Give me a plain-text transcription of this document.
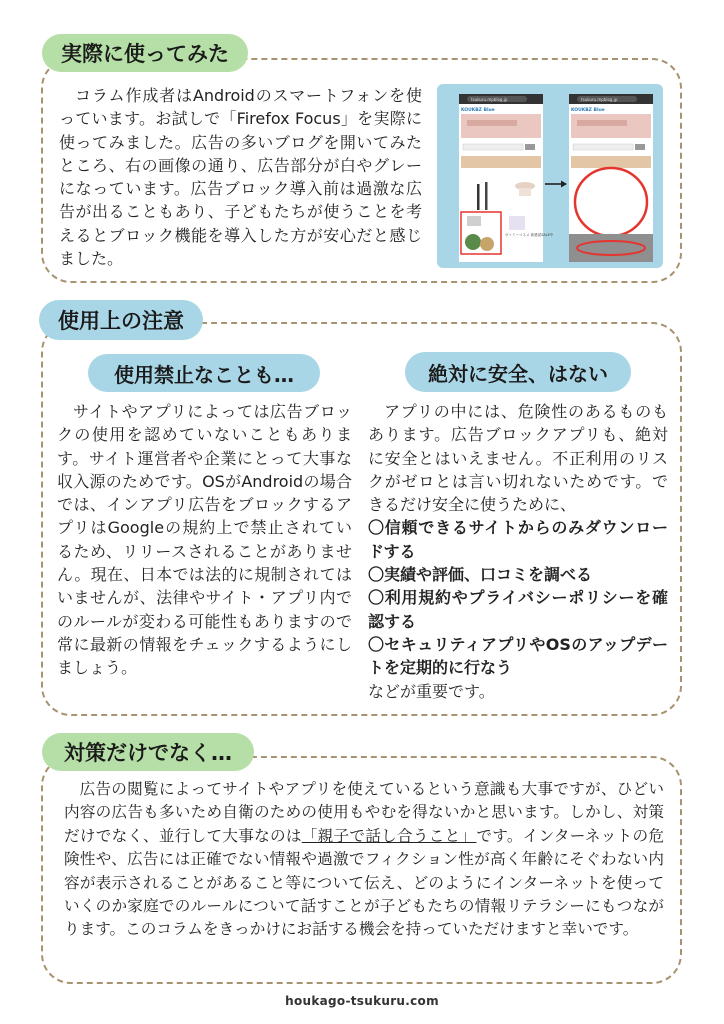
実際に使ってみた

コラム作成者はAndroidのスマートフォンを使っています。お試しで「Firefox Focus」を実際に使ってみました。広告の多いブログを開いてみたところ、右の画像の通り、広告部分が白やグレーになっています。広告ブロック導入前は過激な広告が出ることもあり、子どもたちが使うことを考えるとブロック機能を導入した方が安心だと感じました。

tsukuru.mpblog.jp
KOUKBZ Blue
ヴァミーコスメ 新感覚SALE中
tsukuru.mpblog.jp
KOUKBZ Blue
使用上の注意
使用禁止なことも…

サイトやアプリによっては広告ブロックの使用を認めていないこともあります。サイト運営者や企業にとって大事な収入源のためです。OSがAndroidの場合では、インアプリ広告をブロックするアプリはGoogleの規約上で禁止されているため、リリースされることがありません。現在、日本では法的に規制されてはいませんが、法律やサイト・アプリ内でのルールが変わる可能性もありますので常に最新の情報をチェックするようにしましょう。

絶対に安全、はない
アプリの中には、危険性のあるものもあります。広告ブロックアプリも、絶対に安全とはいえません。不正利用のリスクがゼロとは言い切れないためです。できるだけ安全に使うために、
〇信頼できるサイトからのみダウンロードする
〇実績や評価、口コミを調べる
〇利用規約やプライバシーポリシーを確認する
〇セキュリティアプリやOSのアップデートを定期的に行なう
などが重要です。
対策だけでなく…

広告の閲覧によってサイトやアプリを使えているという意識も大事ですが、ひどい内容の広告も多いため自衛のための使用もやむを得ないかと思います。しかし、対策だけでなく、並行して大事なのは「親子で話し合うこと」です。インターネットの危険性や、広告には正確でない情報や過激でフィクション性が高く年齢にそぐわない内容が表示されることがあること等について伝え、どのようにインターネットを使っていくのか家庭でのルールについて話すことが子どもたちの情報リテラシーにもつながります。このコラムをきっかけにお話する機会を持っていただけますと幸いです。

houkago-tsukuru.com
